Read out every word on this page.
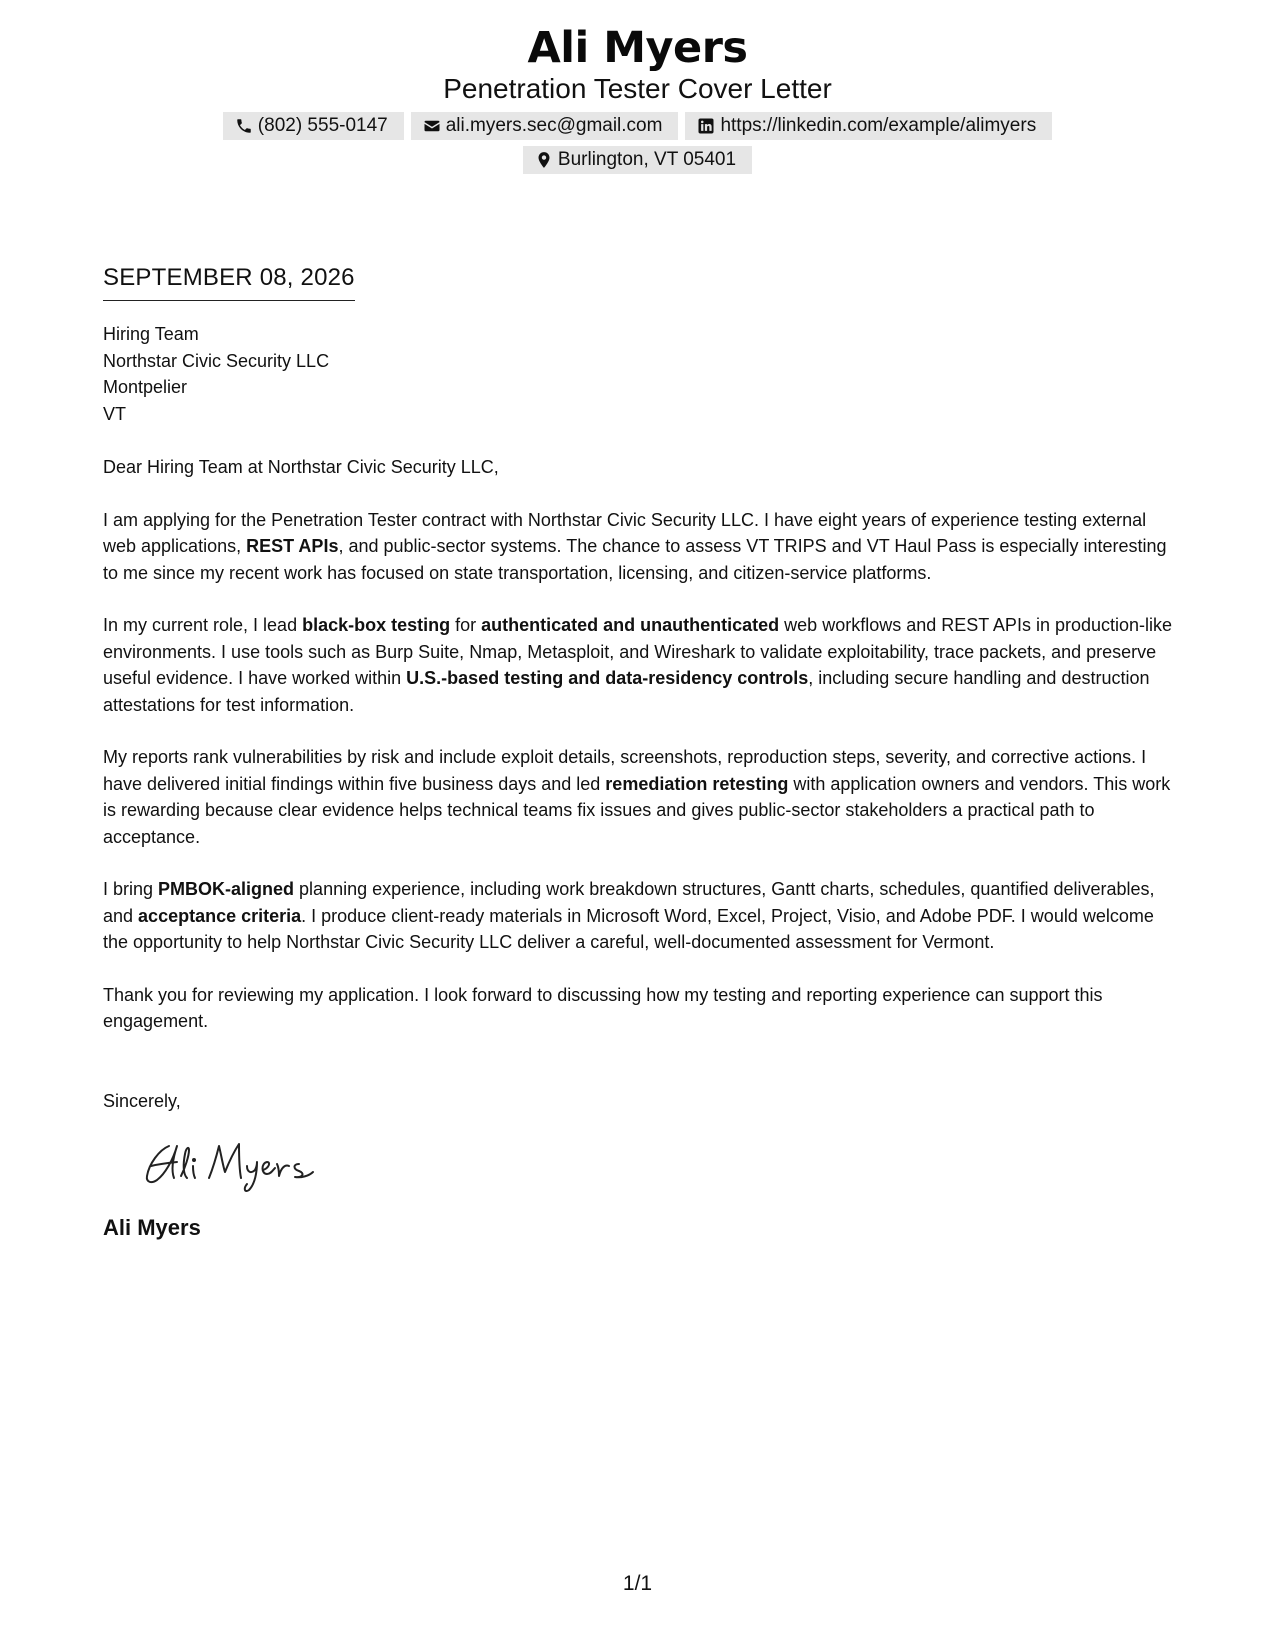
Ali Myers
Penetration Tester Cover Letter
(802) 555-0147	ali.myers.sec@gmail.com	https://linkedin.com/example/alimyers
Burlington, VT 05401
SEPTEMBER 08, 2026
Hiring Team
Northstar Civic Security LLC
Montpelier
VT
Dear Hiring Team at Northstar Civic Security LLC,

I am applying for the Penetration Tester contract with Northstar Civic Security LLC. I have eight years of experience testing external web applications, REST APIs, and public-sector systems. The chance to assess VT TRIPS and VT Haul Pass is especially interesting to me since my recent work has focused on state transportation, licensing, and citizen-service platforms.

In my current role, I lead black-box testing for authenticated and unauthenticated web workflows and REST APIs in production-like environments. I use tools such as Burp Suite, Nmap, Metasploit, and Wireshark to validate exploitability, trace packets, and preserve useful evidence. I have worked within U.S.-based testing and data-residency controls, including secure handling and destruction attestations for test information.

My reports rank vulnerabilities by risk and include exploit details, screenshots, reproduction steps, severity, and corrective actions. I have delivered initial findings within five business days and led remediation retesting with application owners and vendors. This work is rewarding because clear evidence helps technical teams fix issues and gives public-sector stakeholders a practical path to acceptance.

I bring PMBOK-aligned planning experience, including work breakdown structures, Gantt charts, schedules, quantified deliverables, and acceptance criteria. I produce client-ready materials in Microsoft Word, Excel, Project, Visio, and Adobe PDF. I would welcome the opportunity to help Northstar Civic Security LLC deliver a careful, well-documented assessment for Vermont.

Thank you for reviewing my application. I look forward to discussing how my testing and reporting experience can support this engagement.

Sincerely,
Ali Myers
1/1
